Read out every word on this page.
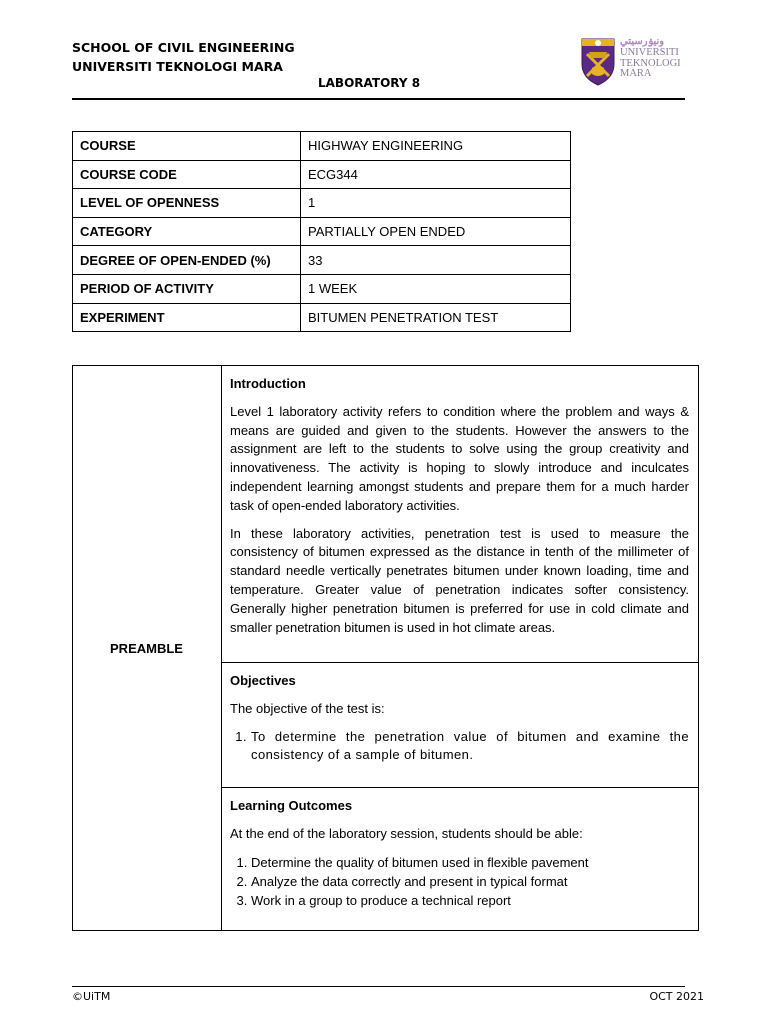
SCHOOL OF CIVIL ENGINEERING
UNIVERSITI TEKNOLOGI MARA
LABORATORY 8
ونيۏرسيتي
UNIVERSITI
TEKNOLOGI
MARA
COURSE	HIGHWAY ENGINEERING
COURSE CODE	ECG344
LEVEL OF OPENNESS	1
CATEGORY	PARTIALLY OPEN ENDED
DEGREE OF OPEN-ENDED (%)	33
PERIOD OF ACTIVITY	1 WEEK
EXPERIMENT	BITUMEN PENETRATION TEST
PREAMBLE	
Introduction

Level 1 laboratory activity refers to condition where the problem and ways & means are guided and given to the students. However the answers to the assignment are left to the students to solve using the group creativity and innovativeness. The activity is hoping to slowly introduce and inculcates independent learning amongst students and prepare them for a much harder task of open-ended laboratory activities.

In these laboratory activities, penetration test is used to measure the consistency of bitumen expressed as the distance in tenth of the millimeter of standard needle vertically penetrates bitumen under known loading, time and temperature. Greater value of penetration indicates softer consistency. Generally higher penetration bitumen is preferred for use in cold climate and smaller penetration bitumen is used in hot climate areas.

Objectives

The objective of the test is:

1. To determine the penetration value of bitumen and examine the consistency of a sample of bitumen.

Learning Outcomes

At the end of the laboratory session, students should be able:

1. Determine the quality of bitumen used in flexible pavement
2. Analyze the data correctly and present in typical format
3. Work in a group to produce a technical report
©UiTM	OCT 2021
